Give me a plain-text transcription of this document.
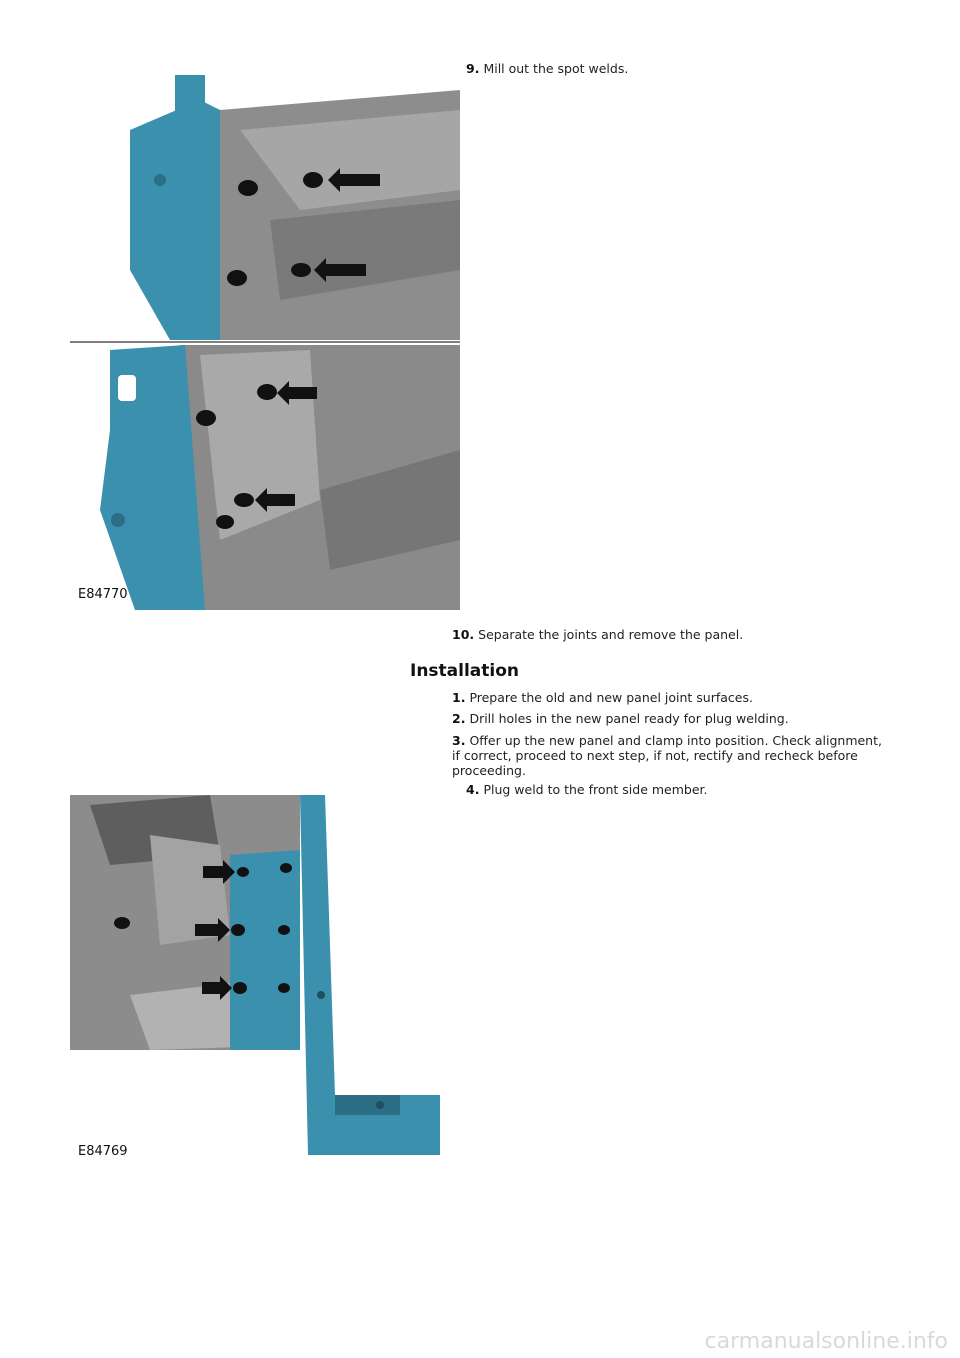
E84770
9. Mill out the spot welds.
10. Separate the joints and remove the panel.
Installation
1. Prepare the old and new panel joint surfaces.
2. Drill holes in the new panel ready for plug welding.
3. Offer up the new panel and clamp into position. Check alignment, if correct, proceed to next step, if not, rectify and recheck before proceeding.
4. Plug weld to the front side member.
E84769
carmanualsonline.info
